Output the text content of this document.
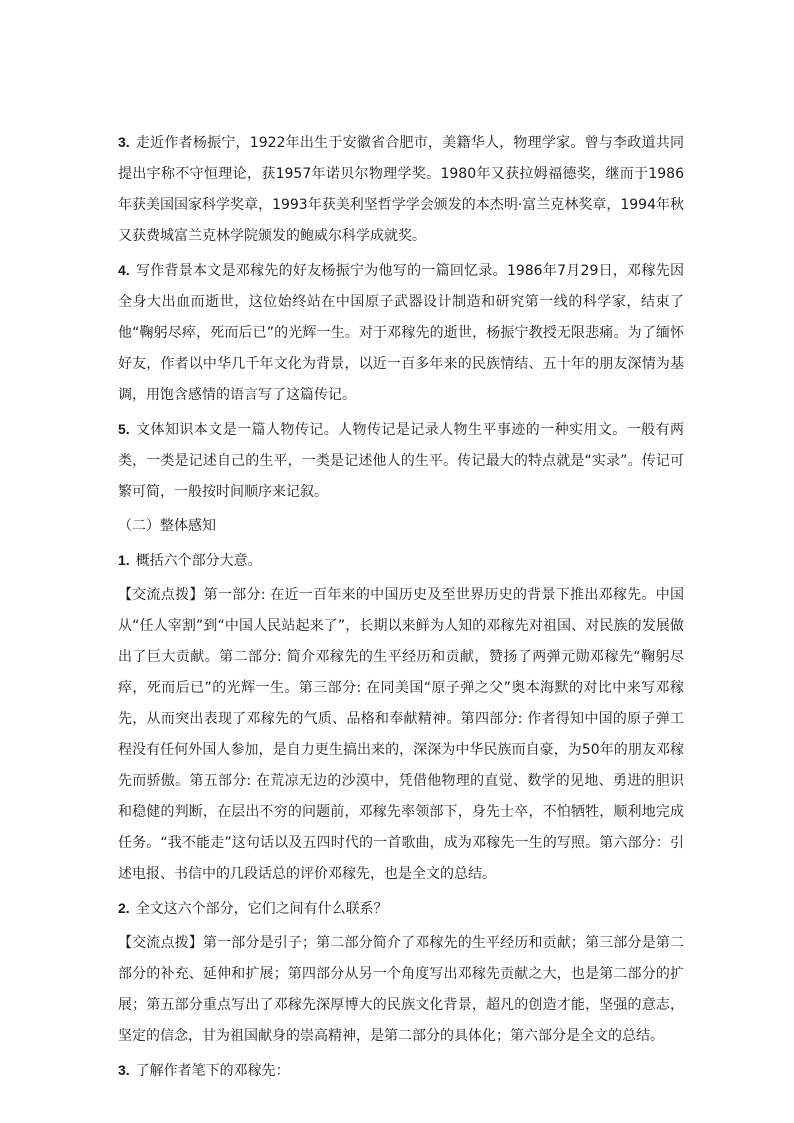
3. 走近作者杨振宁，1922年出生于安徽省合肥市，美籍华人，物理学家。曾与李政道共同提出宇称不守恒理论，获1957年诺贝尔物理学奖。1980年又获拉姆福德奖，继而于1986年获美国国家科学奖章，1993年获美利坚哲学学会颁发的本杰明·富兰克林奖章，1994年秋又获费城富兰克林学院颁发的鲍威尔科学成就奖。

4. 写作背景本文是邓稼先的好友杨振宁为他写的一篇回忆录。1986年7月29日，邓稼先因全身大出血而逝世，这位始终站在中国原子武器设计制造和研究第一线的科学家，结束了他“鞠躬尽瘁，死而后已”的光辉一生。对于邓稼先的逝世，杨振宁教授无限悲痛。为了缅怀好友，作者以中华几千年文化为背景，以近一百多年来的民族情结、五十年的朋友深情为基调，用饱含感情的语言写了这篇传记。

5. 文体知识本文是一篇人物传记。人物传记是记录人物生平事迹的一种实用文。一般有两类，一类是记述自己的生平，一类是记述他人的生平。传记最大的特点就是“实录”。传记可繁可简，一般按时间顺序来记叙。

（二）整体感知

1. 概括六个部分大意。

【交流点拨】第一部分: 在近一百年来的中国历史及至世界历史的背景下推出邓稼先。中国从“任人宰割”到“中国人民站起来了”，长期以来鲜为人知的邓稼先对祖国、对民族的发展做出了巨大贡献。第二部分: 简介邓稼先的生平经历和贡献，赞扬了两弹元勋邓稼先“鞠躬尽瘁，死而后已”的光辉一生。第三部分: 在同美国“原子弹之父”奥本海默的对比中来写邓稼先，从而突出表现了邓稼先的气质、品格和奉献精神。第四部分: 作者得知中国的原子弹工程没有任何外国人参加，是自力更生搞出来的，深深为中华民族而自豪，为50年的朋友邓稼先而骄傲。第五部分: 在荒凉无边的沙漠中，凭借他物理的直觉、数学的见地、勇进的胆识和稳健的判断，在层出不穷的问题前，邓稼先率领部下，身先士卒，不怕牺牲，顺利地完成任务。“我不能走”这句话以及五四时代的一首歌曲，成为邓稼先一生的写照。第六部分：引述电报、书信中的几段话总的评价邓稼先，也是全文的总结。

2. 全文这六个部分，它们之间有什么联系？

【交流点拨】第一部分是引子；第二部分简介了邓稼先的生平经历和贡献；第三部分是第二部分的补充、延伸和扩展；第四部分从另一个角度写出邓稼先贡献之大，也是第二部分的扩展；第五部分重点写出了邓稼先深厚博大的民族文化背景，超凡的创造才能，坚强的意志，坚定的信念，甘为祖国献身的崇高精神，是第二部分的具体化；第六部分是全文的总结。

3. 了解作者笔下的邓稼先：
